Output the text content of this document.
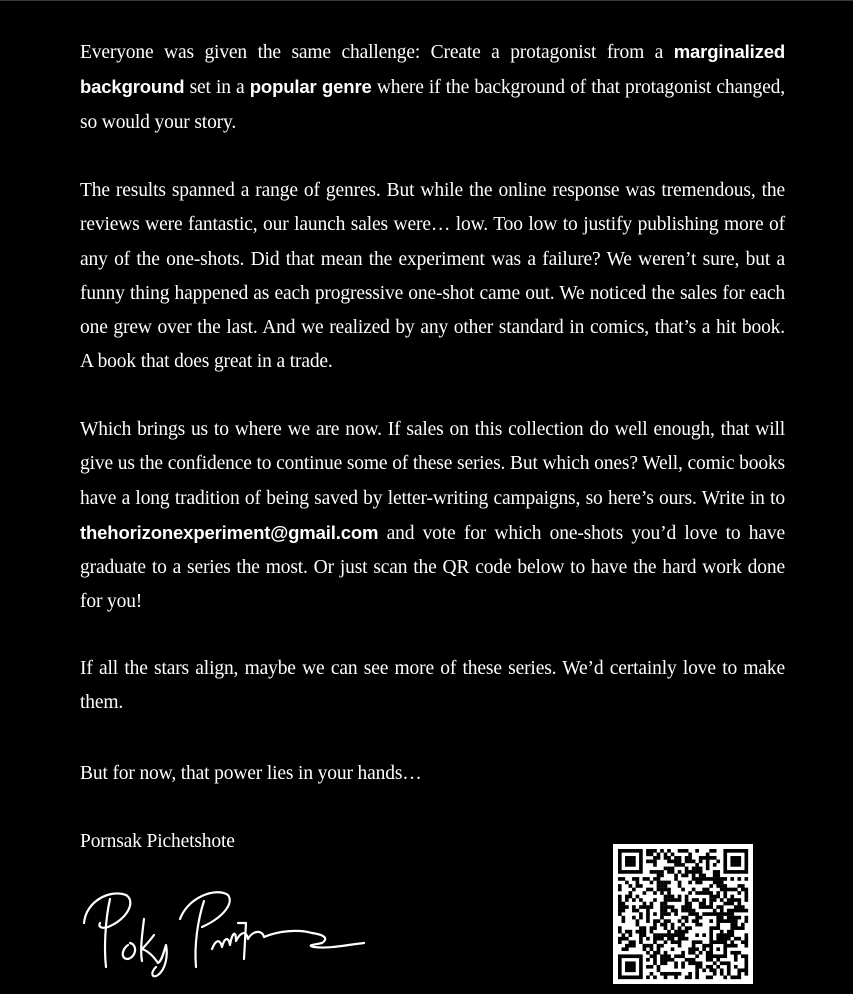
Everyone was given the same challenge: Create a protagonist from a marginalized background set in a popular genre where if the background of that protagonist changed, so would your story.

The results spanned a range of genres. But while the online response was tremendous, the reviews were fantastic, our launch sales were… low. Too low to justify publishing more of any of the one-shots. Did that mean the experiment was a failure? We weren’t sure, but a funny thing happened as each progressive one-shot came out. We noticed the sales for each one grew over the last. And we realized by any other standard in comics, that’s a hit book. A book that does great in a trade.

Which brings us to where we are now. If sales on this collection do well enough, that will give us the confidence to continue some of these series. But which ones? Well, comic books have a long tradition of being saved by letter-writing campaigns, so here’s ours. Write in to thehorizonexperiment@gmail.com and vote for which one-shots you’d love to have graduate to a series the most. Or just scan the QR code below to have the hard work done for you!

If all the stars align, maybe we can see more of these series. We’d certainly love to make them.

But for now, that power lies in your hands…

Pornsak Pichetshote
